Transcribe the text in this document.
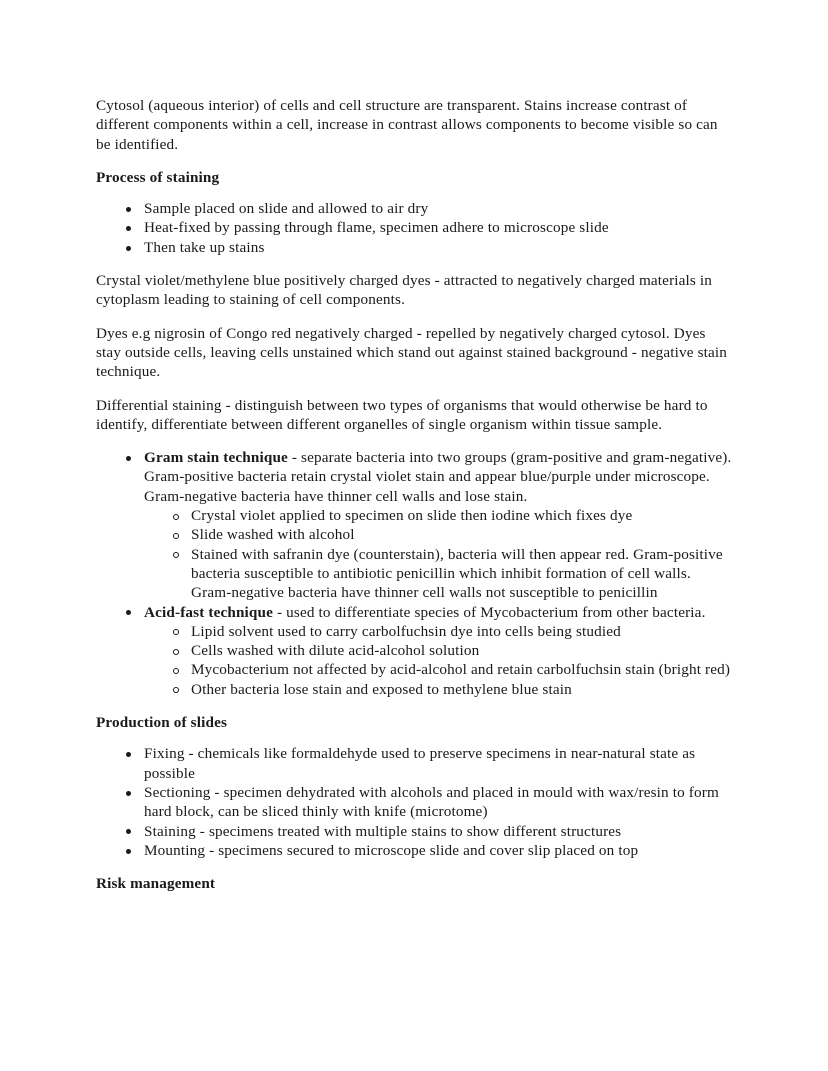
Cytosol (aqueous interior) of cells and cell structure are transparent. Stains increase contrast of different components within a cell, increase in contrast allows components to become visible so can be identified.

Process of staining
Sample placed on slide and allowed to air dry
Heat-fixed by passing through flame, specimen adhere to microscope slide
Then take up stains

Crystal violet/methylene blue positively charged dyes - attracted to negatively charged materials in cytoplasm leading to staining of cell components.

Dyes e.g nigrosin of Congo red negatively charged - repelled by negatively charged cytosol. Dyes stay outside cells, leaving cells unstained which stand out against stained background - negative stain technique.

Differential staining - distinguish between two types of organisms that would otherwise be hard to identify, differentiate between different organelles of single organism within tissue sample.

Gram stain technique - separate bacteria into two groups (gram-positive and gram-negative). Gram-positive bacteria retain crystal violet stain and appear blue/purple under microscope. Gram-negative bacteria have thinner cell walls and lose stain.
Crystal violet applied to specimen on slide then iodine which fixes dye
Slide washed with alcohol
Stained with safranin dye (counterstain), bacteria will then appear red. Gram-positive bacteria susceptible to antibiotic penicillin which inhibit formation of cell walls. Gram-negative bacteria have thinner cell walls not susceptible to penicillin
Acid-fast technique - used to differentiate species of Mycobacterium from other bacteria.
Lipid solvent used to carry carbolfuchsin dye into cells being studied
Cells washed with dilute acid-alcohol solution
Mycobacterium not affected by acid-alcohol and retain carbolfuchsin stain (bright red)
Other bacteria lose stain and exposed to methylene blue stain
Production of slides
Fixing - chemicals like formaldehyde used to preserve specimens in near-natural state as possible
Sectioning - specimen dehydrated with alcohols and placed in mould with wax/resin to form hard block, can be sliced thinly with knife (microtome)
Staining - specimens treated with multiple stains to show different structures
Mounting - specimens secured to microscope slide and cover slip placed on top
Risk management
